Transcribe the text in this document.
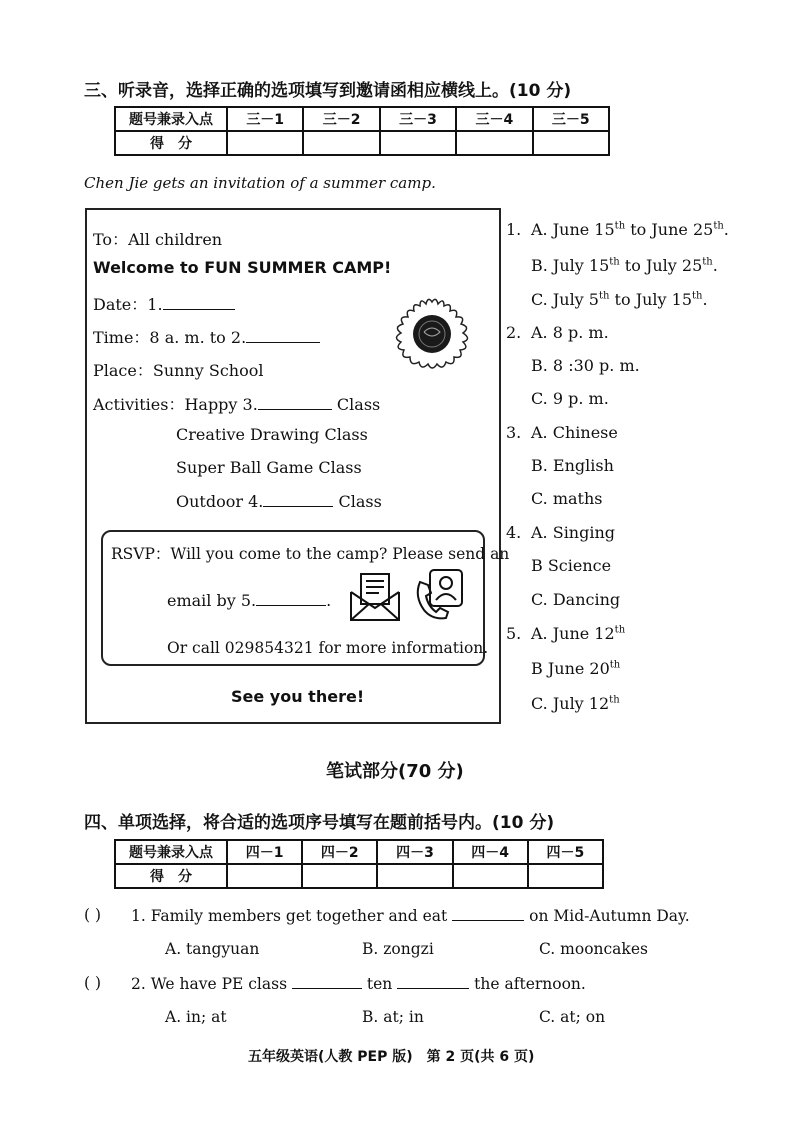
三、听录音，选择正确的选项填写到邀请函相应横线上。(10 分)
题号兼录入点	三－1	三－2	三－3	三－4	三－5
得　分					
Chen Jie gets an invitation of a summer camp.
To：All children
Welcome to FUN SUMMER CAMP!
Date：1.
Time：8 a. m. to 2.
Place：Sunny School
Activities：Happy 3.	Class
Creative Drawing Class
Super Ball Game Class
Outdoor 4.	Class
RSVP：Will you come to the camp? Please send an
email by 5.	.
Or call 029854321 for more information.
See you there!
1. A. June 15th to June 25th.
B. July 15th to July 25th.
C. July 5th to July 15th.
2. A. 8 p. m.
B. 8 :30 p. m.
C. 9 p. m.
3. A. Chinese
B. English
C. maths
4. A. Singing
B Science
C. Dancing
5. A. June 12th
B June 20th
C. July 12th
笔试部分(70 分)
四、单项选择，将合适的选项序号填写在题前括号内。(10 分)
题号兼录入点	四－1	四－2	四－3	四－4	四－5
得　分					
( ) 1. Family members get together and eat	on Mid-Autumn Day.
A. tangyuan	B. zongzi	C. mooncakes
( ) 2. We have PE class	ten	the afternoon.
A. in; at	B. at; in	C. at; on
五年级英语(人教 PEP 版)　第 2 页(共 6 页)
